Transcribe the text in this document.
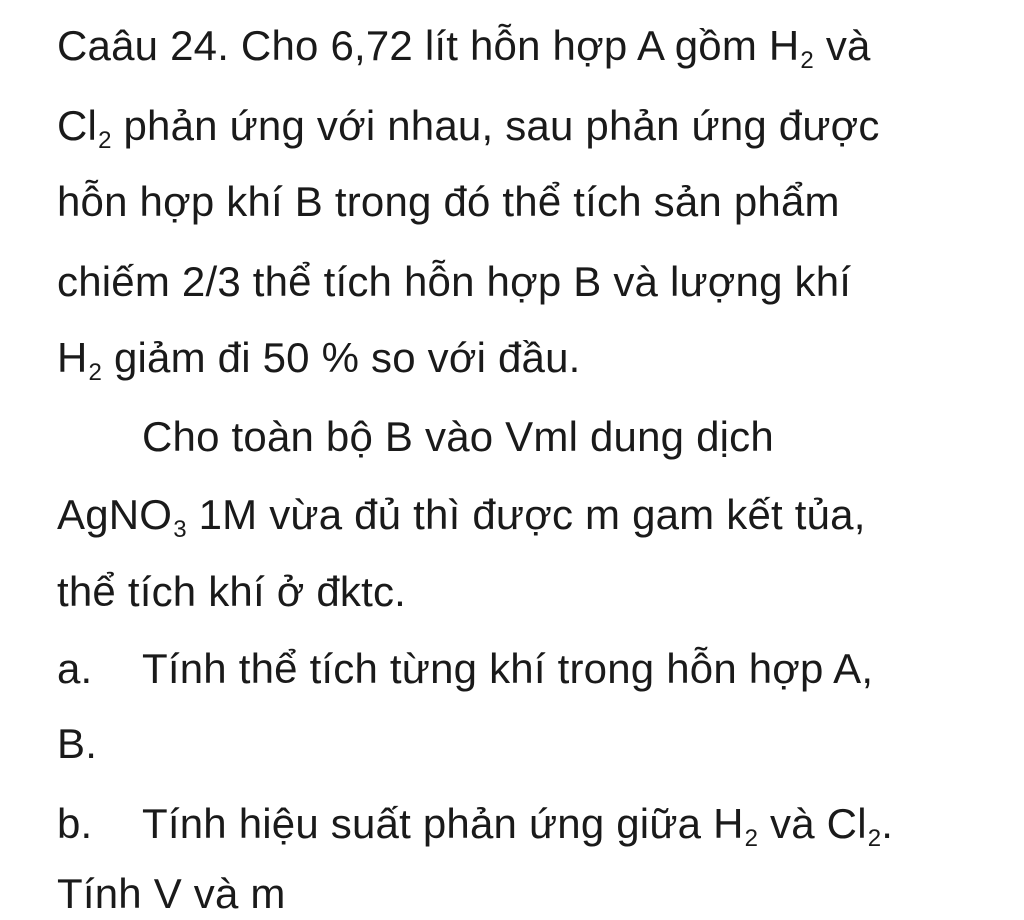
Caâu 24. Cho 6,72 lít hỗn hợp A gồm H2 và
Cl2 phản ứng với nhau, sau phản ứng được
hỗn hợp khí B trong đó thể tích sản phẩm
chiếm 2/3 thể tích hỗn hợp B và lượng khí
H2 giảm đi 50 % so với đầu.
Cho toàn bộ B vào Vml dung dịch
AgNO3 1M vừa đủ thì được m gam kết tủa,
thể tích khí ở đktc.
a. Tính thể tích từng khí trong hỗn hợp A,
B.
b. Tính hiệu suất phản ứng giữa H2 và Cl2.
Tính V và m
